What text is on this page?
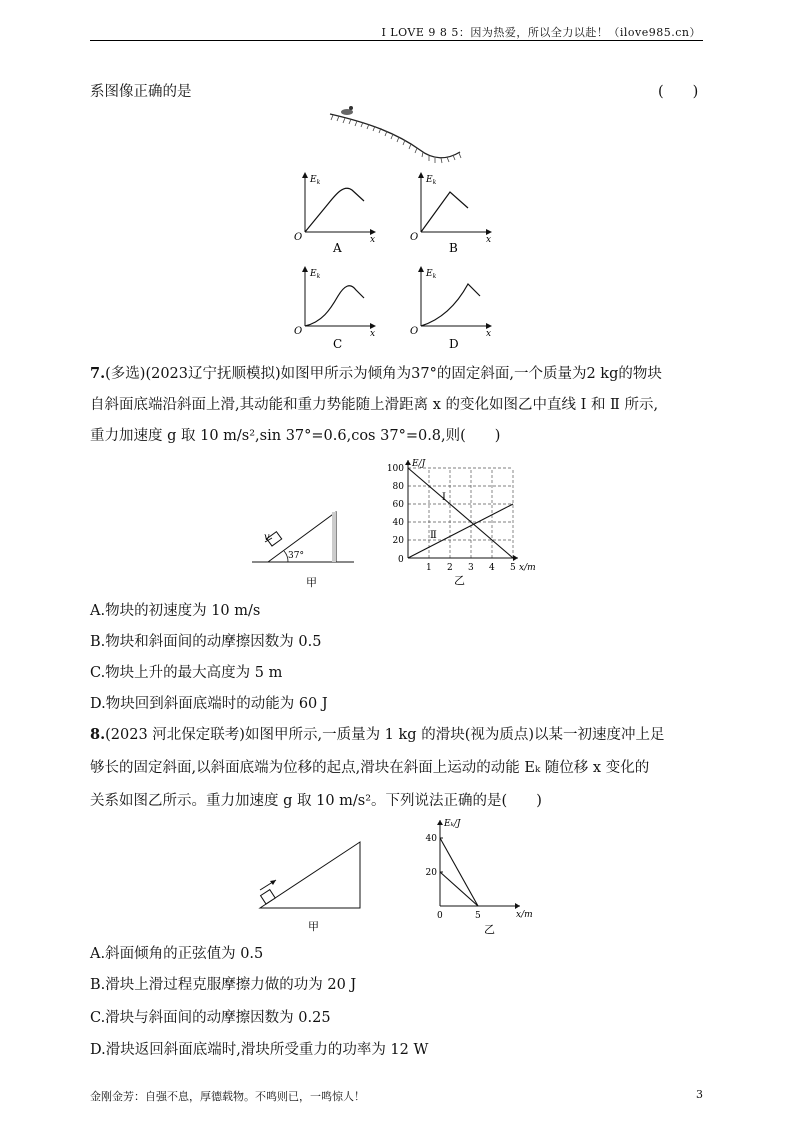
I LOVE 9 8 5：因为热爱，所以全力以赴！（ilove985.cn）
系图像正确的是	(　　)
$E_k$
O	x
A
$E_k$
O	x
B
$E_k$
O	x
C
$E_k$
O	x
D
7.(多选)(2023辽宁抚顺模拟)如图甲所示为倾角为37°的固定斜面,一个质量为2 kg的物块
自斜面底端沿斜面上滑,其动能和重力势能随上滑距离 x 的变化如图乙中直线 Ⅰ 和 Ⅱ 所示,
重力加速度 g 取 10 m/s²,sin 37°=0.6,cos 37°=0.8,则(　　)
v
37°
甲
E/J
x/m
0
1 2 3 4 5
20
40
60
80
100
Ⅰ
Ⅱ
乙
A.物块的初速度为 10 m/s
B.物块和斜面间的动摩擦因数为 0.5
C.物块上升的最大高度为 5 m
D.物块回到斜面底端时的动能为 60 J
8.(2023 河北保定联考)如图甲所示,一质量为 1 kg 的滑块(视为质点)以某一初速度冲上足
够长的固定斜面,以斜面底端为位移的起点,滑块在斜面上运动的动能 Eₖ 随位移 x 变化的
关系如图乙所示。重力加速度 g 取 10 m/s²。下列说法正确的是(　　)
甲
Eₖ/J
x/m
0	5
20
40
乙
A.斜面倾角的正弦值为 0.5
B.滑块上滑过程克服摩擦力做的功为 20 J
C.滑块与斜面间的动摩擦因数为 0.25
D.滑块返回斜面底端时,滑块所受重力的功率为 12 W
金刚金芳：自强不息，厚德载物。不鸣则已，一鸣惊人！	3
